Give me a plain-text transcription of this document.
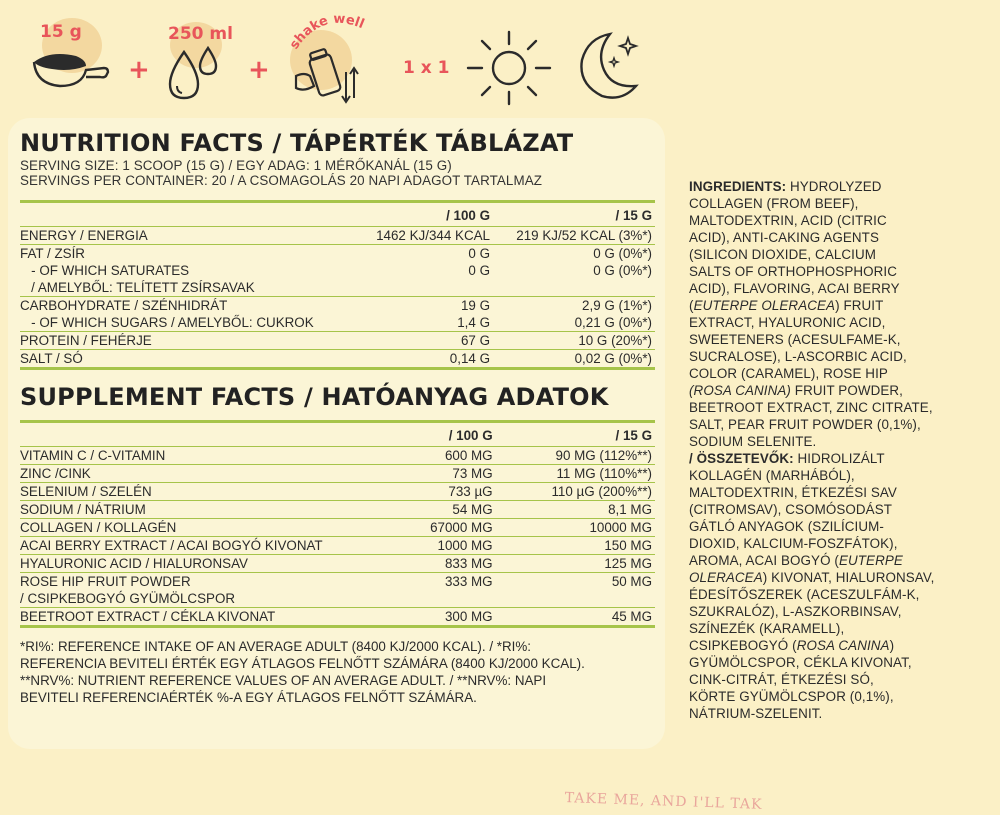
15 g
+
250 ml
+
shake well
1 x 1
NUTRITION FACTS / TÁPÉRTÉK TÁBLÁZAT
SERVING SIZE: 1 SCOOP (15 G) / EGY ADAG: 1 MÉRŐKANÁL (15 G)
SERVINGS PER CONTAINER: 20 / A CSOMAGOLÁS 20 NAPI ADAGOT TARTALMAZ
	/ 100 G	/ 15 G
ENERGY / ENERGIA	1462 KJ/344 KCAL	219 KJ/52 KCAL (3%*)
FAT / ZSÍR	0 G	0 G (0%*)
- OF WHICH SATURATES	0 G	0 G (0%*)
/ AMELYBŐL: TELÍTETT ZSÍRSAVAK		
CARBOHYDRATE / SZÉNHIDRÁT	19 G	2,9 G (1%*)
- OF WHICH SUGARS / AMELYBŐL: CUKROK	1,4 G	0,21 G (0%*)
PROTEIN / FEHÉRJE	67 G	10 G (20%*)
SALT / SÓ	0,14 G	0,02 G (0%*)
SUPPLEMENT FACTS / HATÓANYAG ADATOK
	/ 100 G	/ 15 G
VITAMIN C / C-VITAMIN	600 MG	90 MG (112%**)
ZINC /CINK	73 MG	11 MG (110%**)
SELENIUM / SZELÉN	733 µG	110 µG (200%**)
SODIUM / NÁTRIUM	54 MG	8,1 MG
COLLAGEN / KOLLAGÉN	67000 MG	10000 MG
ACAI BERRY EXTRACT / ACAI BOGYÓ KIVONAT	1000 MG	150 MG
HYALURONIC ACID / HIALURONSAV	833 MG	125 MG
ROSE HIP FRUIT POWDER	333 MG	50 MG
/ CSIPKEBOGYÓ GYÜMÖLCSPOR		
BEETROOT EXTRACT / CÉKLA KIVONAT	300 MG	45 MG
*RI%: REFERENCE INTAKE OF AN AVERAGE ADULT (8400 KJ/2000 KCAL). / *RI%:
REFERENCIA BEVITELI ÉRTÉK EGY ÁTLAGOS FELNŐTT SZÁMÁRA (8400 KJ/2000 KCAL).
**NRV%: NUTRIENT REFERENCE VALUES OF AN AVERAGE ADULT. / **NRV%: NAPI
BEVITELI REFERENCIAÉRTÉK %-A EGY ÁTLAGOS FELNŐTT SZÁMÁRA.
INGREDIENTS: HYDROLYZED
COLLAGEN (FROM BEEF),
MALTODEXTRIN, ACID (CITRIC
ACID), ANTI-CAKING AGENTS
(SILICON DIOXIDE, CALCIUM
SALTS OF ORTHOPHOSPHORIC
ACID), FLAVORING, ACAI BERRY
(EUTERPE OLERACEA) FRUIT
EXTRACT, HYALURONIC ACID,
SWEETENERS (ACESULFAME-K,
SUCRALOSE), L-ASCORBIC ACID,
COLOR (CARAMEL), ROSE HIP
(ROSA CANINA) FRUIT POWDER,
BEETROOT EXTRACT, ZINC CITRATE,
SALT, PEAR FRUIT POWDER (0,1%),
SODIUM SELENITE.
/ ÖSSZETEVŐK: HIDROLIZÁLT
KOLLAGÉN (MARHÁBÓL),
MALTODEXTRIN, ÉTKEZÉSI SAV
(CITROMSAV), CSOMÓSODÁST
GÁTLÓ ANYAGOK (SZILÍCIUM-
DIOXID, KALCIUM-FOSZFÁTOK),
AROMA, ACAI BOGYÓ (EUTERPE
OLERACEA) KIVONAT, HIALURONSAV,
ÉDESÍTŐSZEREK (ACESZULFÁM-K,
SZUKRALÓZ), L-ASZKORBINSAV,
SZÍNEZÉK (KARAMELL),
CSIPKEBOGYÓ (ROSA CANINA)
GYÜMÖLCSPOR, CÉKLA KIVONAT,
CINK-CITRÁT, ÉTKEZÉSI SÓ,
KÖRTE GYÜMÖLCSPOR (0,1%),
NÁTRIUM-SZELENIT.
TAKE ME, AND I'LL TAK
